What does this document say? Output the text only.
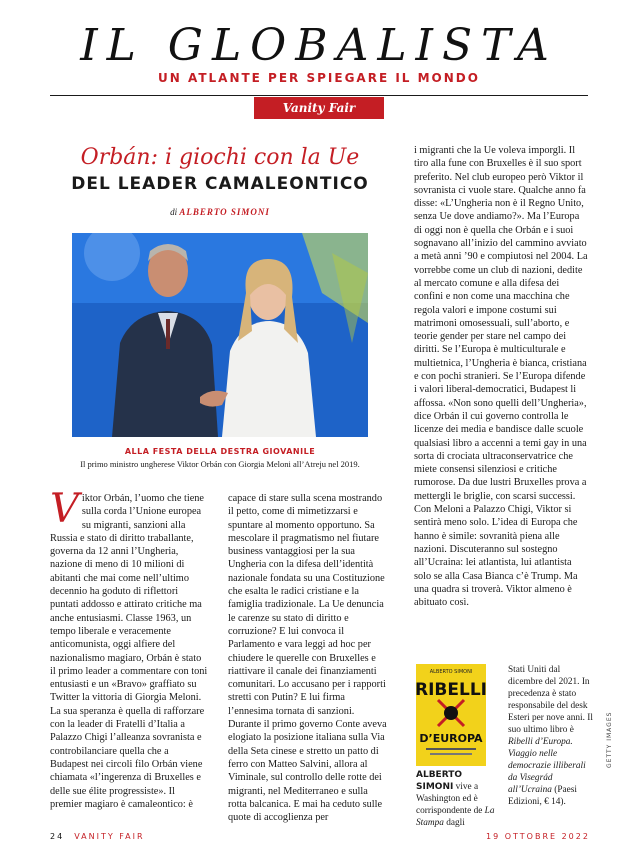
IL GLOBALISTA
UN ATLANTE PER SPIEGARE IL MONDO
Vanity Fair
Orbán: i giochi con la Ue
DEL LEADER CAMALEONTICO
di ALBERTO SIMONI
ALLA FESTA DELLA DESTRA GIOVANILE
Il primo ministro ungherese Viktor Orbán con Giorgia Meloni all’Atreju nel 2019.
V iktor Orbán, l’uomo che tiene sulla corda l’Unione europea su migranti, sanzioni alla Russia e stato di diritto traballante, governa da 12 anni l’Ungheria, nazione di meno di 10 milioni di abitanti che mai come nell’ultimo decennio ha goduto di riflettori puntati addosso e attirato critiche ma anche entusiasmi. Classe 1963, un tempo liberale e veracemente anticomunista, oggi alfiere del nazionalismo magiaro, Orbán è stato il primo leader a commentare con toni entusiasti e un «Bravo» graffiato su Twitter la vittoria di Giorgia Meloni. La sua speranza è quella di rafforzare con la leader di Fratelli d’Italia a Palazzo Chigi l’alleanza sovranista e controbilanciare quella che a Budapest nei circoli filo Orbán viene chiamata «l’ingerenza di Bruxelles e delle sue élite progressiste». Il premier magiaro è camaleontico: è
capace di stare sulla scena mostrando il petto, come di mimetizzarsi e spuntare al momento opportuno. Sa mescolare il pragmatismo nel fiutare business vantaggiosi per la sua Ungheria con la difesa dell’identità nazionale fondata su una Costituzione che esalta le radici cristiane e la famiglia tradizionale. La Ue denuncia le carenze su stato di diritto e corruzione? E lui convoca il Parlamento e vara leggi ad hoc per chiudere le querelle con Bruxelles e riattivare il canale dei finanziamenti comunitari. Lo accusano per i rapporti stretti con Putin? E lui firma l’ennesima tornata di sanzioni. Durante il primo governo Conte aveva elogiato la posizione italiana sulla Via della Seta cinese e stretto un patto di ferro con Matteo Salvini, allora al Viminale, sul controllo delle rotte dei migranti, nel Mediterraneo e sulla rotta balcanica. E mai ha ceduto sulle quote di accoglienza per
i migranti che la Ue voleva imporgli. Il tiro alla fune con Bruxelles è il suo sport preferito. Nel club europeo però Viktor il sovranista ci vuole stare. Qualche anno fa disse: «L’Ungheria non è il Regno Unito, senza Ue dove andiamo?». Ma l’Europa di oggi non è quella che Orbán e i suoi sognavano all’inizio del cammino avviato a metà anni ’90 e compiutosi nel 2004. La vorrebbe come un club di nazioni, dedite al mercato comune e alla difesa dei confini e non come una macchina che regola valori e impone costumi sui matrimoni omosessuali, sull’aborto, e teorie gender per stare nel campo dei diritti. Se l’Europa è multiculturale e multietnica, l’Ungheria è bianca, cristiana e con pochi stranieri. Se l’Europa difende i valori liberal-democratici, Budapest li affossa. «Non sono quelli dell’Ungheria», dice Orbán il cui governo controlla le licenze dei media e bandisce dalle scuole qualsiasi libro a accenni a temi gay in una sorta di crociata ultraconservatrice che miete consensi silenziosi e critiche rumorose. Da due lustri Bruxelles prova a mettergli le briglie, con scarsi successi. Con Meloni a Palazzo Chigi, Viktor si sentirà meno solo. L’idea di Europa che hanno è simile: sovranità piena alle nazioni. Discuteranno sul sostegno all’Ucraina: lei atlantista, lui atlantista solo se alla Casa Bianca c’è Trump. Ma una quadra si troverà. Viktor almeno è abituato così.
ALBERTO SIMONI
RIBELLI
D’EUROPA
ALBERTO SIMONI vive a Washington ed è corrispondente de La Stampa dagli
Stati Uniti dal dicembre del 2021. In precedenza è stato responsabile del desk Esteri per nove anni. Il suo ultimo libro è Ribelli d’Europa. Viaggio nelle democrazie illiberali da Visegrád all’Ucraina (Paesi Edizioni, € 14).
GETTY IMAGES
24 VANITY FAIR	19 OTTOBRE 2022
